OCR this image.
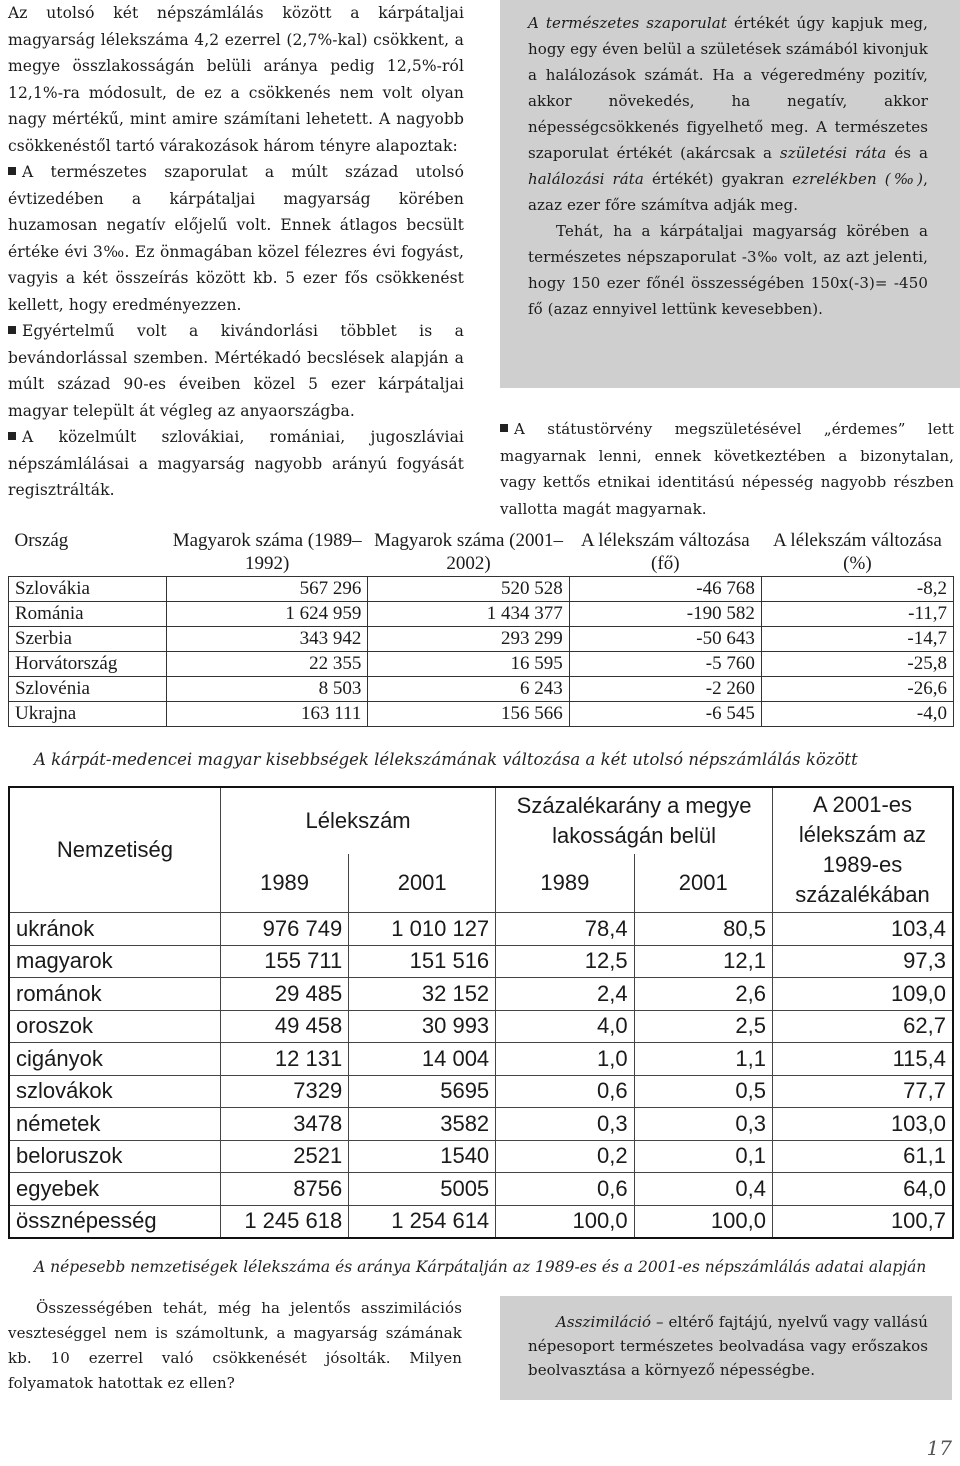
Az utolsó két népszámlálás között a kárpátaljai magyarság lélekszáma 4,2 ezerrel (2,7%-kal) csökkent, a megye összlakosságán belüli aránya pedig 12,5%-ról 12,1%-ra módosult, de ez a csökkenés nem volt olyan nagy mértékű, mint amire számítani lehetett. A nagyobb csökkenéstől tartó várakozások három tényre alapoztak:

A természetes szaporulat a múlt század utolsó évtizedében a kárpátaljai magyarság körében huzamosan negatív előjelű volt. Ennek átlagos becsült értéke évi 3‰. Ez önmagában közel félezres évi fogyást, vagyis a két összeírás között kb. 5 ezer fős csökkenést kellett, hogy eredményezzen.

Egyértelmű volt a kivándorlási többlet is a bevándorlással szemben. Mértékadó becslések alapján a múlt század 90-es éveiben közel 5 ezer kárpátaljai magyar települt át végleg az anyaországba.

A közelmúlt szlovákiai, romániai, jugoszláviai népszámlálásai a magyarság nagyobb arányú fogyását regisztrálták.

A természetes szaporulat értékét úgy kapjuk meg, hogy egy éven belül a születések számából kivonjuk a halálozások számát. Ha a végeredmény pozitív, akkor növekedés, ha negatív, akkor népességcsökkenés figyelhető meg. A természetes szaporulat értékét (akárcsak a születési ráta és a halálozási ráta értékét) gyakran ezrelékben (‰), azaz ezer főre számítva adják meg.

Tehát, ha a kárpátaljai magyarság körében a természetes népszaporulat -3‰ volt, az azt jelenti, hogy 150 ezer főnél összességében 150x(-3)= -450 fő (azaz ennyivel lettünk kevesebben).

A státustörvény megszületésével „érdemes” lett magyarnak lenni, ennek következtében a bizonytalan, vagy kettős etnikai identitású népesség nagyobb részben vallotta magát magyarnak.

Ország	Magyarok száma (1989–1992)	Magyarok száma (2001–2002)	A lélekszám változása (fő)	A lélekszám változása (%)
Szlovákia	567 296	520 528	-46 768	-8,2
Románia	1 624 959	1 434 377	-190 582	-11,7
Szerbia	343 942	293 299	-50 643	-14,7
Horvátország	22 355	16 595	-5 760	-25,8
Szlovénia	8 503	6 243	-2 260	-26,6
Ukrajna	163 111	156 566	-6 545	-4,0
A kárpát-medencei magyar kisebbségek lélekszámának változása a két utolsó népszámlálás között
Nemzetiség	Lélekszám		Százalékarány a megye lakosságán belül		A 2001-es lélekszám az 1989-es százalékában
	1989	2001	1989	2001	
ukránok	976 749	1 010 127	78,4	80,5	103,4
magyarok	155 711	151 516	12,5	12,1	97,3
románok	29 485	32 152	2,4	2,6	109,0
oroszok	49 458	30 993	4,0	2,5	62,7
cigányok	12 131	14 004	1,0	1,1	115,4
szlovákok	7329	5695	0,6	0,5	77,7
németek	3478	3582	0,3	0,3	103,0
beloruszok	2521	1540	0,2	0,1	61,1
egyebek	8756	5005	0,6	0,4	64,0
össznépesség	1 245 618	1 254 614	100,0	100,0	100,7
A népesebb nemzetiségek lélekszáma és aránya Kárpátalján az 1989-es és a 2001-es népszámlálás adatai alapján

Összességében tehát, még ha jelentős asszimilációs veszteséggel nem is számoltunk, a magyarság számának kb. 10 ezerrel való csökkenését jósolták. Milyen folyamatok hatottak ez ellen?

Asszimiláció – eltérő fajtájú, nyelvű vagy vallású népesoport természetes beolvadása vagy erőszakos beolvasztása a környező népességbe.

17
